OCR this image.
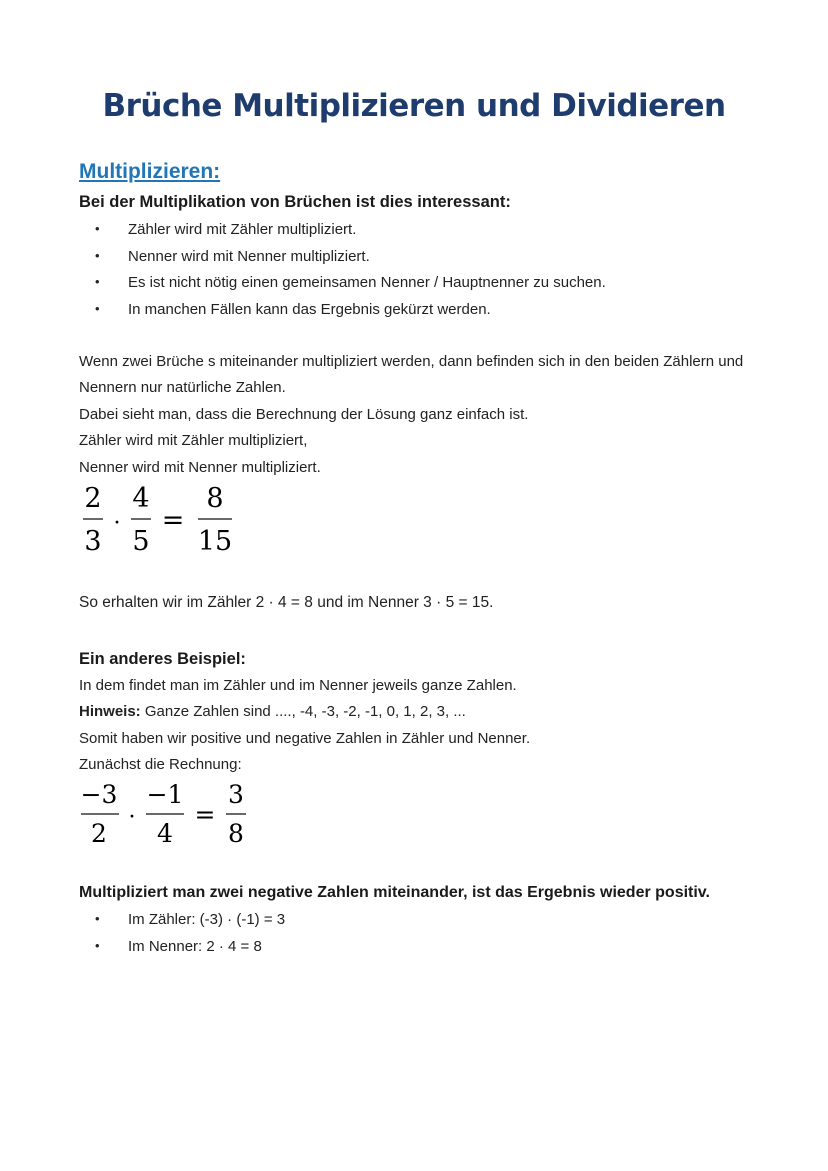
Brüche Multiplizieren und Dividieren
Multiplizieren:
Bei der Multiplikation von Brüchen ist dies interessant:
• Zähler wird mit Zähler multipliziert.
• Nenner wird mit Nenner multipliziert.
• Es ist nicht nötig einen gemeinsamen Nenner / Hauptnenner zu suchen.
• In manchen Fällen kann das Ergebnis gekürzt werden.
Wenn zwei Brüche s miteinander multipliziert werden, dann befinden sich in den beiden Zählern und
Nennern nur natürliche Zahlen.
Dabei sieht man, dass die Berechnung der Lösung ganz einfach ist.
Zähler wird mit Zähler multipliziert,
Nenner wird mit Nenner multipliziert.
2
3
·
4
5
=
8
15
So erhalten wir im Zähler 2 · 4 = 8 und im Nenner 3 · 5 = 15.
Ein anderes Beispiel:
In dem findet man im Zähler und im Nenner jeweils ganze Zahlen.
Hinweis: Ganze Zahlen sind ...., -4, -3, -2, -1, 0, 1, 2, 3, ...
Somit haben wir positive und negative Zahlen in Zähler und Nenner.
Zunächst die Rechnung:
−3
2
·
−1
4
=
3
8
Multipliziert man zwei negative Zahlen miteinander, ist das Ergebnis wieder positiv.
• Im Zähler: (-3) · (-1) = 3
• Im Nenner: 2 · 4 = 8
